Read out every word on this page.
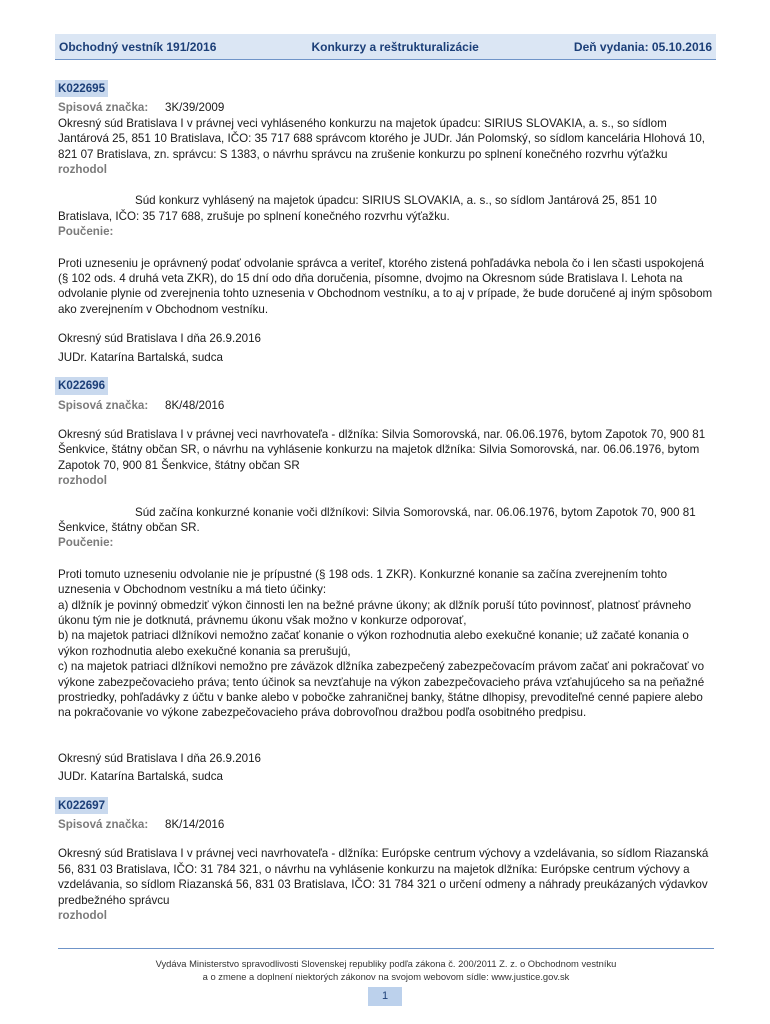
Obchodný vestník 191/2016	Konkurzy a reštrukturalizácie	Deň vydania: 05.10.2016
K022695
Spisová značka:	3K/39/2009

Okresný súd Bratislava I v právnej veci vyhláseného konkurzu na majetok úpadcu: SIRIUS SLOVAKIA, a. s., so sídlom Jantárová 25, 851 10 Bratislava, IČO: 35 717 688 správcom ktorého je JUDr. Ján Polomský, so sídlom kancelária Hlohová 10, 821 07 Bratislava, zn. správcu: S 1383, o návrhu správcu na zrušenie konkurzu po splnení konečného rozvrhu výťažku

rozhodol

Súd konkurz vyhlásený na majetok úpadcu: SIRIUS SLOVAKIA, a. s., so sídlom Jantárová 25, 851 10 Bratislava, IČO: 35 717 688, zrušuje po splnení konečného rozvrhu výťažku.

Poučenie:

Proti uzneseniu je oprávnený podať odvolanie správca a veriteľ, ktorého zistená pohľadávka nebola čo i len sčasti uspokojená (§ 102 ods. 4 druhá veta ZKR), do 15 dní odo dňa doručenia, písomne, dvojmo na Okresnom súde Bratislava I. Lehota na odvolanie plynie od zverejnenia tohto uznesenia v Obchodnom vestníku, a to aj v prípade, že bude doručené aj iným spôsobom ako zverejnením v Obchodnom vestníku.

Okresný súd Bratislava I dňa 26.9.2016

JUDr. Katarína Bartalská, sudca

K022696
Spisová značka:	8K/48/2016

Okresný súd Bratislava I v právnej veci navrhovateľa - dlžníka: Silvia Somorovská, nar. 06.06.1976, bytom Zapotok 70, 900 81 Šenkvice, štátny občan SR, o návrhu na vyhlásenie konkurzu na majetok dlžníka: Silvia Somorovská, nar. 06.06.1976, bytom Zapotok 70, 900 81 Šenkvice, štátny občan SR

rozhodol

Súd začína konkurzné konanie voči dlžníkovi: Silvia Somorovská, nar. 06.06.1976, bytom Zapotok 70, 900 81 Šenkvice, štátny občan SR.

Poučenie:

Proti tomuto uzneseniu odvolanie nie je prípustné (§ 198 ods. 1 ZKR). Konkurzné konanie sa začína zverejnením tohto uznesenia v Obchodnom vestníku a má tieto účinky:

a) dlžník je povinný obmedziť výkon činnosti len na bežné právne úkony; ak dlžník poruší túto povinnosť, platnosť právneho úkonu tým nie je dotknutá, právnemu úkonu však možno v konkurze odporovať,

b) na majetok patriaci dlžníkovi nemožno začať konanie o výkon rozhodnutia alebo exekučné konanie; už začaté konania o výkon rozhodnutia alebo exekučné konania sa prerušujú,

c) na majetok patriaci dlžníkovi nemožno pre záväzok dlžníka zabezpečený zabezpečovacím právom začať ani pokračovať vo výkone zabezpečovacieho práva; tento účinok sa nevzťahuje na výkon zabezpečovacieho práva vzťahujúceho sa na peňažné prostriedky, pohľadávky z účtu v banke alebo v pobočke zahraničnej banky, štátne dlhopisy, prevoditeľné cenné papiere alebo na pokračovanie vo výkone zabezpečovacieho práva dobrovoľnou dražbou podľa osobitného predpisu.

Okresný súd Bratislava I dňa 26.9.2016

JUDr. Katarína Bartalská, sudca

K022697
Spisová značka:	8K/14/2016

Okresný súd Bratislava I v právnej veci navrhovateľa - dlžníka: Európske centrum výchovy a vzdelávania, so sídlom Riazanská 56, 831 03 Bratislava, IČO: 31 784 321, o návrhu na vyhlásenie konkurzu na majetok dlžníka: Európske centrum výchovy a vzdelávania, so sídlom Riazanská 56, 831 03 Bratislava, IČO: 31 784 321 o určení odmeny a náhrady preukázaných výdavkov predbežného správcu

rozhodol

Vydáva Ministerstvo spravodlivosti Slovenskej republiky podľa zákona č. 200/2011 Z. z. o Obchodnom vestníku
a o zmene a doplnení niektorých zákonov na svojom webovom sídle: www.justice.gov.sk
1
